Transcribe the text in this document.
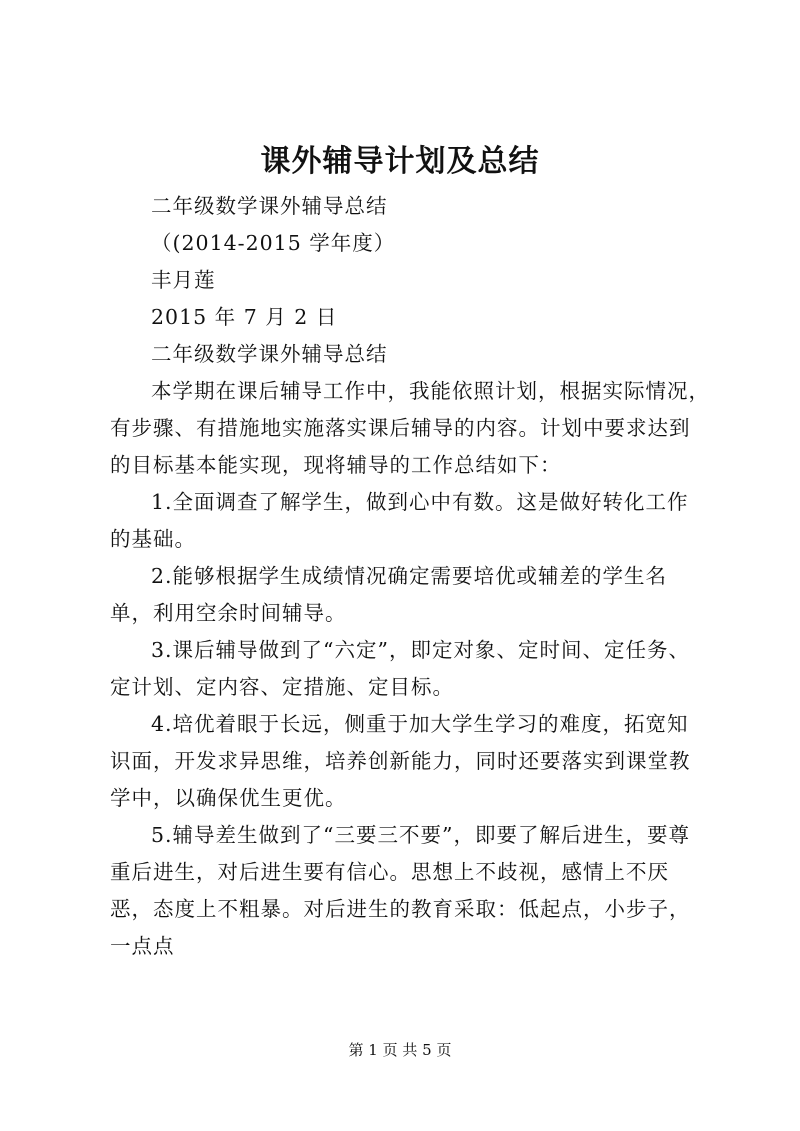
课外辅导计划及总结

二年级数学课外辅导总结

（(2014-2015 学年度）

丰月莲

2015 年 7 月 2 日

二年级数学课外辅导总结

本学期在课后辅导工作中，我能依照计划，根据实际情况，有步骤、有措施地实施落实课后辅导的内容。计划中要求达到的目标基本能实现，现将辅导的工作总结如下：

1.全面调查了解学生，做到心中有数。这是做好转化工作的基础。

2.能够根据学生成绩情况确定需要培优或辅差的学生名单，利用空余时间辅导。

3.课后辅导做到了“六定”，即定对象、定时间、定任务、定计划、定内容、定措施、定目标。

4.培优着眼于长远，侧重于加大学生学习的难度，拓宽知识面，开发求异思维，培养创新能力，同时还要落实到课堂教学中，以确保优生更优。

5.辅导差生做到了“三要三不要”，即要了解后进生，要尊重后进生，对后进生要有信心。思想上不歧视，感情上不厌恶，态度上不粗暴。对后进生的教育采取：低起点，小步子，一点点

第 1 页 共 5 页
